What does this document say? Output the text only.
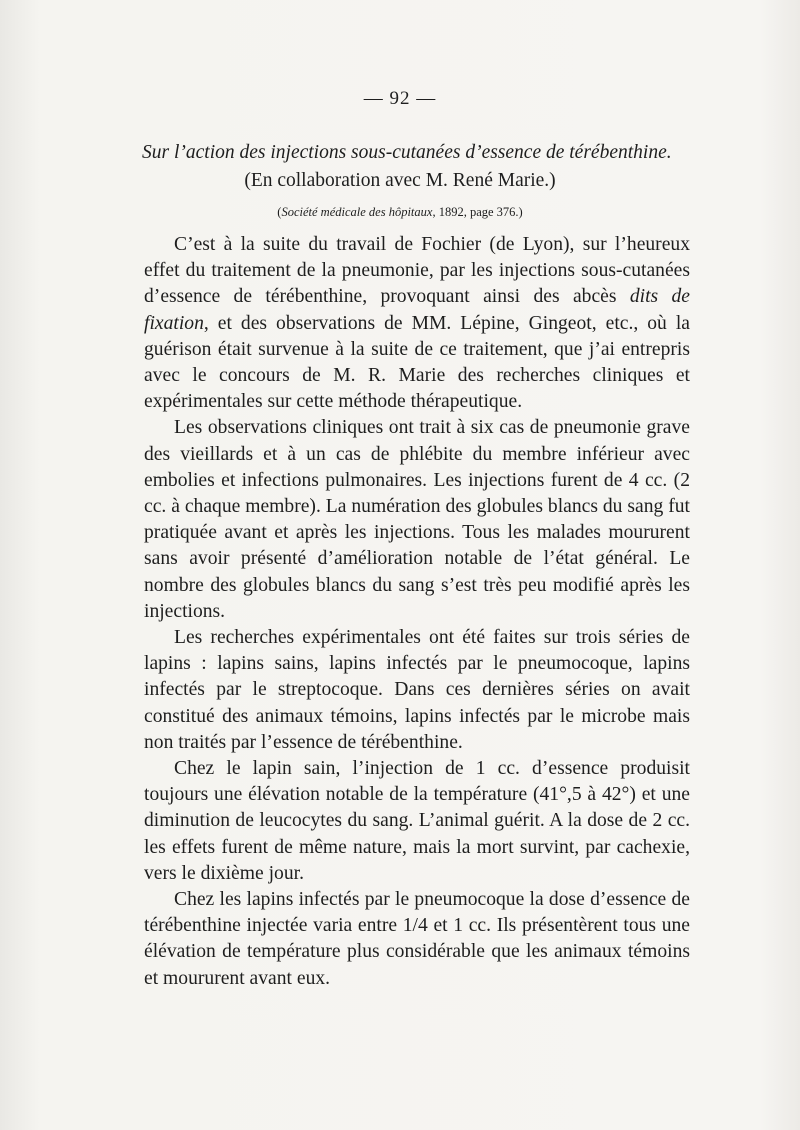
— 92 —
Sur l’action des injections sous-cutanées d’essence de térébenthine.
(En collaboration avec M. René Marie.)
(Société médicale des hôpitaux, 1892, page 376.)

C’est à la suite du travail de Fochier (de Lyon), sur l’heureux effet du traitement de la pneumonie, par les injections sous-cutanées d’essence de térébenthine, provoquant ainsi des abcès dits de fixation, et des observations de MM. Lépine, Gingeot, etc., où la guérison était survenue à la suite de ce traitement, que j’ai entrepris avec le concours de M. R. Marie des recherches cliniques et expérimentales sur cette méthode thérapeutique.

Les observations cliniques ont trait à six cas de pneumonie grave des vieillards et à un cas de phlébite du membre inférieur avec embolies et infections pulmonaires. Les injections furent de 4 cc. (2 cc. à chaque membre). La numération des globules blancs du sang fut pratiquée avant et après les injections. Tous les malades moururent sans avoir présenté d’amélioration notable de l’état général. Le nombre des globules blancs du sang s’est très peu modifié après les injections.

Les recherches expérimentales ont été faites sur trois séries de lapins : lapins sains, lapins infectés par le pneumocoque, lapins infectés par le streptocoque. Dans ces dernières séries on avait constitué des animaux témoins, lapins infectés par le microbe mais non traités par l’essence de térébenthine.

Chez le lapin sain, l’injection de 1 cc. d’essence produisit toujours une élévation notable de la température (41°,5 à 42°) et une diminution de leucocytes du sang. L’animal guérit. A la dose de 2 cc. les effets furent de même nature, mais la mort survint, par cachexie, vers le dixième jour.

Chez les lapins infectés par le pneumocoque la dose d’essence de térébenthine injectée varia entre 1/4 et 1 cc. Ils présentèrent tous une élévation de température plus considérable que les animaux témoins et moururent avant eux.
